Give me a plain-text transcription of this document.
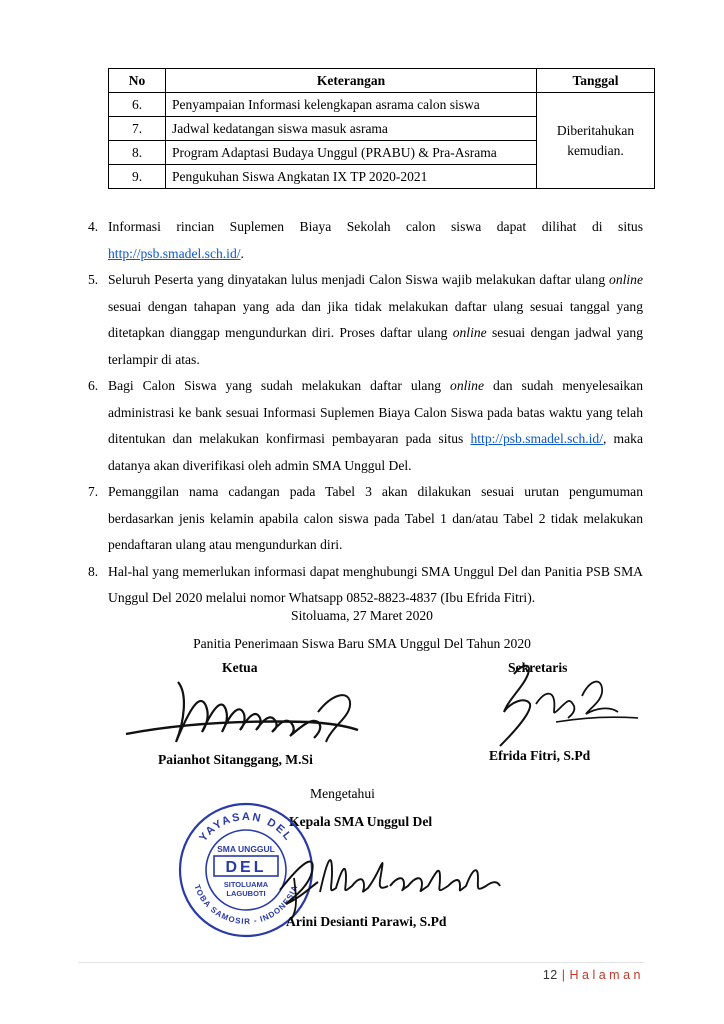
No	Keterangan	Tanggal
6.	Penyampaian Informasi kelengkapan asrama calon siswa	Diberitahukan
kemudian.
7.	Jadwal kedatangan siswa masuk asrama	
8.	Program Adaptasi Budaya Unggul (PRABU) & Pra-Asrama	
9.	Pengukuhan Siswa Angkatan IX TP 2020-2021	
4. Informasi rincian Suplemen Biaya Sekolah calon siswa dapat dilihat di situs http://psb.smadel.sch.id/.
5. Seluruh Peserta yang dinyatakan lulus menjadi Calon Siswa wajib melakukan daftar ulang online sesuai dengan tahapan yang ada dan jika tidak melakukan daftar ulang sesuai tanggal yang ditetapkan dianggap mengundurkan diri. Proses daftar ulang online sesuai dengan jadwal yang terlampir di atas.
6. Bagi Calon Siswa yang sudah melakukan daftar ulang online dan sudah menyelesaikan administrasi ke bank sesuai Informasi Suplemen Biaya Calon Siswa pada batas waktu yang telah ditentukan dan melakukan konfirmasi pembayaran pada situs http://psb.smadel.sch.id/, maka datanya akan diverifikasi oleh admin SMA Unggul Del.
7. Pemanggilan nama cadangan pada Tabel 3 akan dilakukan sesuai urutan pengumuman berdasarkan jenis kelamin apabila calon siswa pada Tabel 1 dan/atau Tabel 2 tidak melakukan pendaftaran ulang atau mengundurkan diri.
8. Hal-hal yang memerlukan informasi dapat menghubungi SMA Unggul Del dan Panitia PSB SMA Unggul Del 2020 melalui nomor Whatsapp 0852-8823-4837 (Ibu Efrida Fitri).
Sitoluama, 27 Maret 2020
Panitia Penerimaan Siswa Baru SMA Unggul Del Tahun 2020
Ketua	Sekretaris
Paianhot Sitanggang, M.Si	Efrida Fitri, S.Pd
Mengetahui
Kepala SMA Unggul Del
YAYASAN DEL
TOBA SAMOSIR - INDONESIA
SMA UNGGUL
DEL
SITOLUAMA
LAGUBOTI
Arini Desianti Parawi, S.Pd
12 | Halaman
